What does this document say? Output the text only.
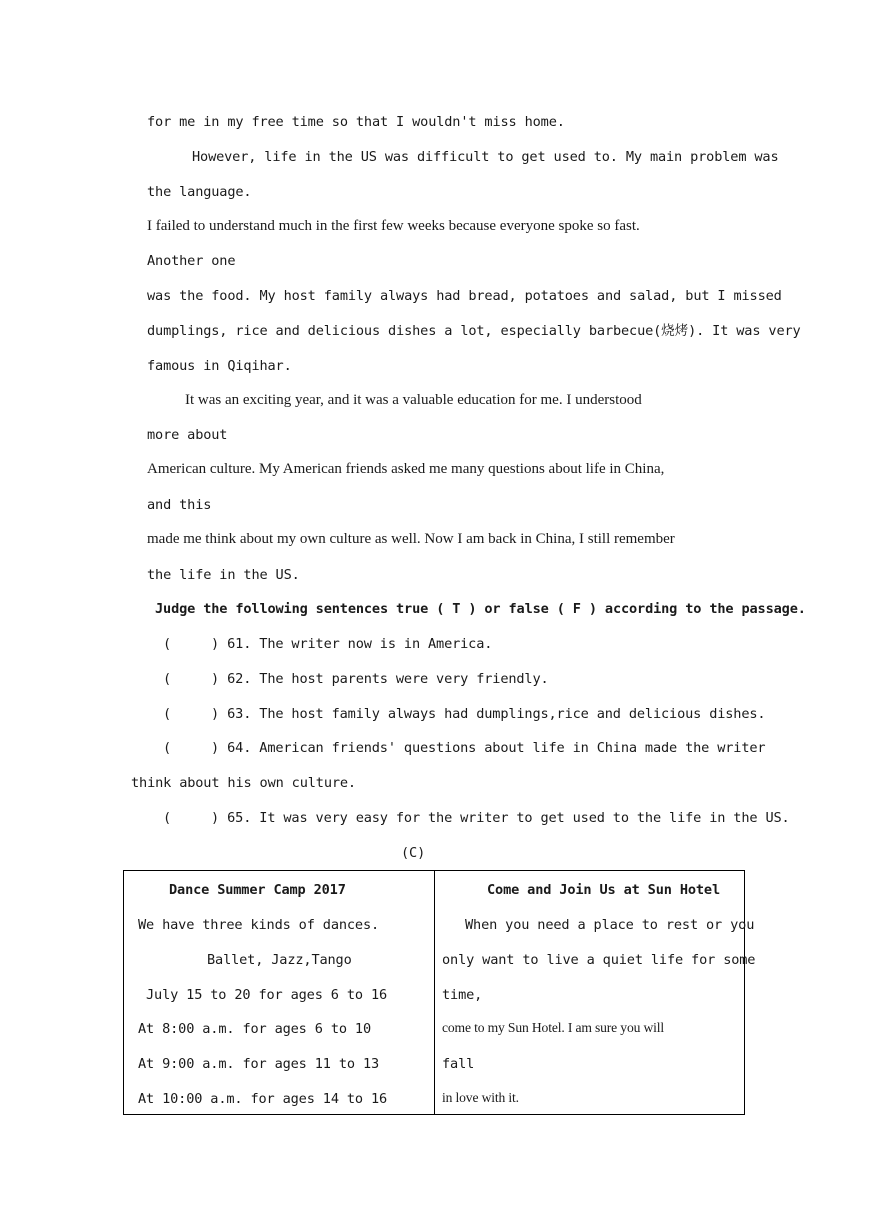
for me in my free time so that I wouldn't miss home.
However, life in the US was difficult to get used to. My main problem was
the language.
I failed to understand much in the first few weeks because everyone spoke so fast.
Another one
was the food. My host family always had bread, potatoes and salad, but I missed
dumplings, rice and delicious dishes a lot, especially barbecue(烧烤). It was very
famous in Qiqihar.
It was an exciting year, and it was a valuable education for me. I understood
more about
American culture. My American friends asked me many questions about life in China,
and this
made me think about my own culture as well. Now I am back in China, I still remember
the life in the US.
Judge the following sentences true ( T ) or false ( F ) according to the passage.
(	) 61. The writer now is in America.
(	) 62. The host parents were very friendly.
(	) 63. The host family always had dumplings,rice and delicious dishes.
(	) 64. American friends' questions about life in China made the writer
think about his own culture.
(	) 65. It was very easy for the writer to get used to the life in the US.
(C)
Dance Summer Camp 2017
We have three kinds of dances.
Ballet, Jazz,Tango
July 15 to 20 for ages 6 to 16
At 8:00 a.m. for ages 6 to 10
At 9:00 a.m. for ages 11 to 13
At 10:00 a.m. for ages 14 to 16

Come and Join Us at Sun Hotel
When you need a place to rest or you
only want to live a quiet life for some
time,
come to my Sun Hotel. I am sure you will
fall
in love with it.
